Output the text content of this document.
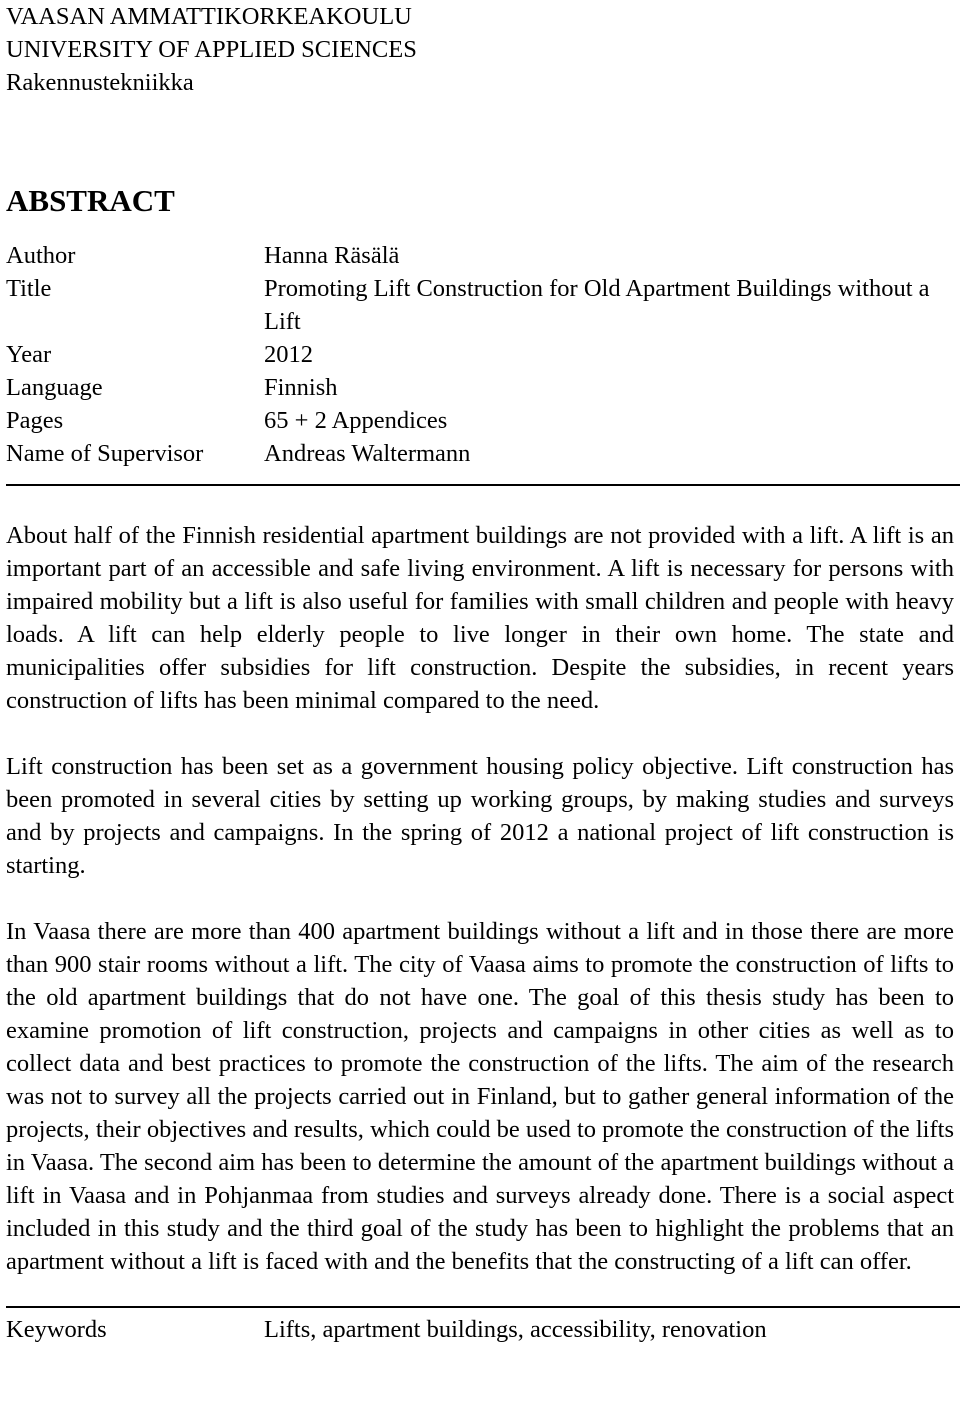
VAASAN AMMATTIKORKEAKOULU
UNIVERSITY OF APPLIED SCIENCES
Rakennustekniikka
ABSTRACT
Author	Hanna Räsälä
Title	Promoting Lift Construction for Old Apartment Buildings without a Lift
Year	2012
Language	Finnish
Pages	65 + 2 Appendices
Name of Supervisor	Andreas Waltermann

About half of the Finnish residential apartment buildings are not provided with a lift. A lift is an important part of an accessible and safe living environment. A lift is necessary for persons with impaired mobility but a lift is also useful for families with small children and people with heavy loads. A lift can help elderly people to live longer in their own home. The state and municipalities offer subsidies for lift construction. Despite the subsidies, in recent years construction of lifts has been minimal compared to the need.

Lift construction has been set as a government housing policy objective. Lift construction has been promoted in several cities by setting up working groups, by making studies and surveys and by projects and campaigns. In the spring of 2012 a national project of lift construction is starting.

In Vaasa there are more than 400 apartment buildings without a lift and in those there are more than 900 stair rooms without a lift. The city of Vaasa aims to promote the construction of lifts to the old apartment buildings that do not have one. The goal of this thesis study has been to examine promotion of lift construction, projects and campaigns in other cities as well as to collect data and best practices to promote the construction of the lifts. The aim of the research was not to survey all the projects carried out in Finland, but to gather general information of the projects, their objectives and results, which could be used to promote the construction of the lifts in Vaasa. The second aim has been to determine the amount of the apartment buildings without a lift in Vaasa and in Pohjanmaa from studies and surveys already done. There is a social aspect included in this study and the third goal of the study has been to highlight the problems that an apartment without a lift is faced with and the benefits that the constructing of a lift can offer.

Keywords	Lifts, apartment buildings, accessibility, renovation
